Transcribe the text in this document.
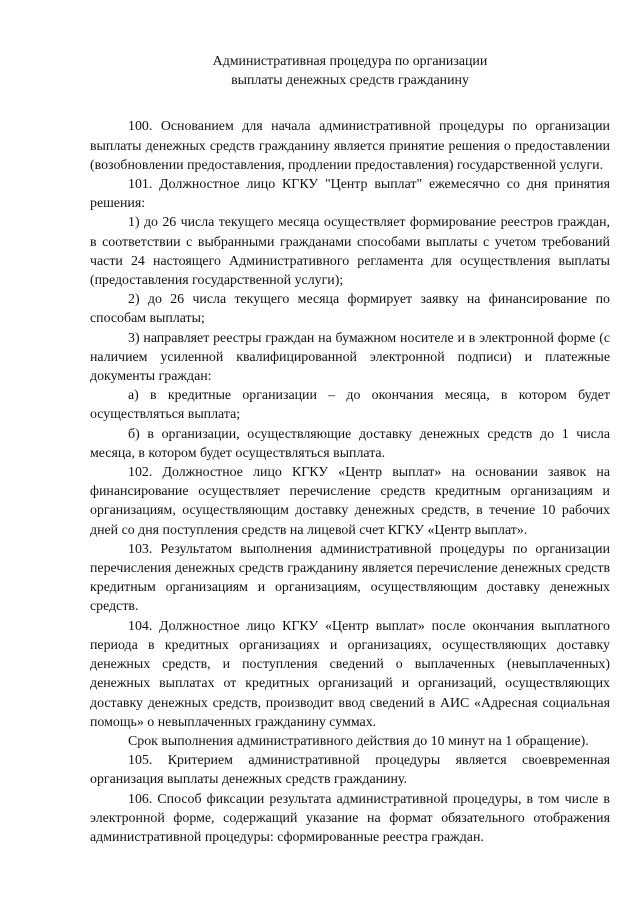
Административная процедура по организации
выплаты денежных средств гражданину

100. Основанием для начала административной процедуры по организации выплаты денежных средств гражданину является принятие решения о предоставлении (возобновлении предоставления, продлении предоставления) государственной услуги.

101. Должностное лицо КГКУ "Центр выплат" ежемесячно со дня принятия решения:

1) до 26 числа текущего месяца осуществляет формирование реестров граждан, в соответствии с выбранными гражданами способами выплаты с учетом требований части 24 настоящего Административного регламента для осуществления выплаты (предоставления государственной услуги);

2) до 26 числа текущего месяца формирует заявку на финансирование по способам выплаты;

3) направляет реестры граждан на бумажном носителе и в электронной форме (с наличием усиленной квалифицированной электронной подписи) и платежные документы граждан:

а) в кредитные организации – до окончания месяца, в котором будет осуществляться выплата;

б) в организации, осуществляющие доставку денежных средств до 1 числа месяца, в котором будет осуществляться выплата.

102. Должностное лицо КГКУ «Центр выплат» на основании заявок на финансирование осуществляет перечисление средств кредитным организациям и организациям, осуществляющим доставку денежных средств, в течение 10 рабочих дней со дня поступления средств на лицевой счет КГКУ «Центр выплат».

103. Результатом выполнения административной процедуры по организации перечисления денежных средств гражданину является перечисление денежных средств кредитным организациям и организациям, осуществляющим доставку денежных средств.

104. Должностное лицо КГКУ «Центр выплат» после окончания выплатного периода в кредитных организациях и организациях, осуществляющих доставку денежных средств, и поступления сведений о выплаченных (невыплаченных) денежных выплатах от кредитных организаций и организаций, осуществляющих доставку денежных средств, производит ввод сведений в АИС «Адресная социальная помощь» о невыплаченных гражданину суммах.

Срок выполнения административного действия до 10 минут на 1 обращение).

105. Критерием административной процедуры является своевременная организация выплаты денежных средств гражданину.

106. Способ фиксации результата административной процедуры, в том числе в электронной форме, содержащий указание на формат обязательного отображения административной процедуры: сформированные реестра граждан.
